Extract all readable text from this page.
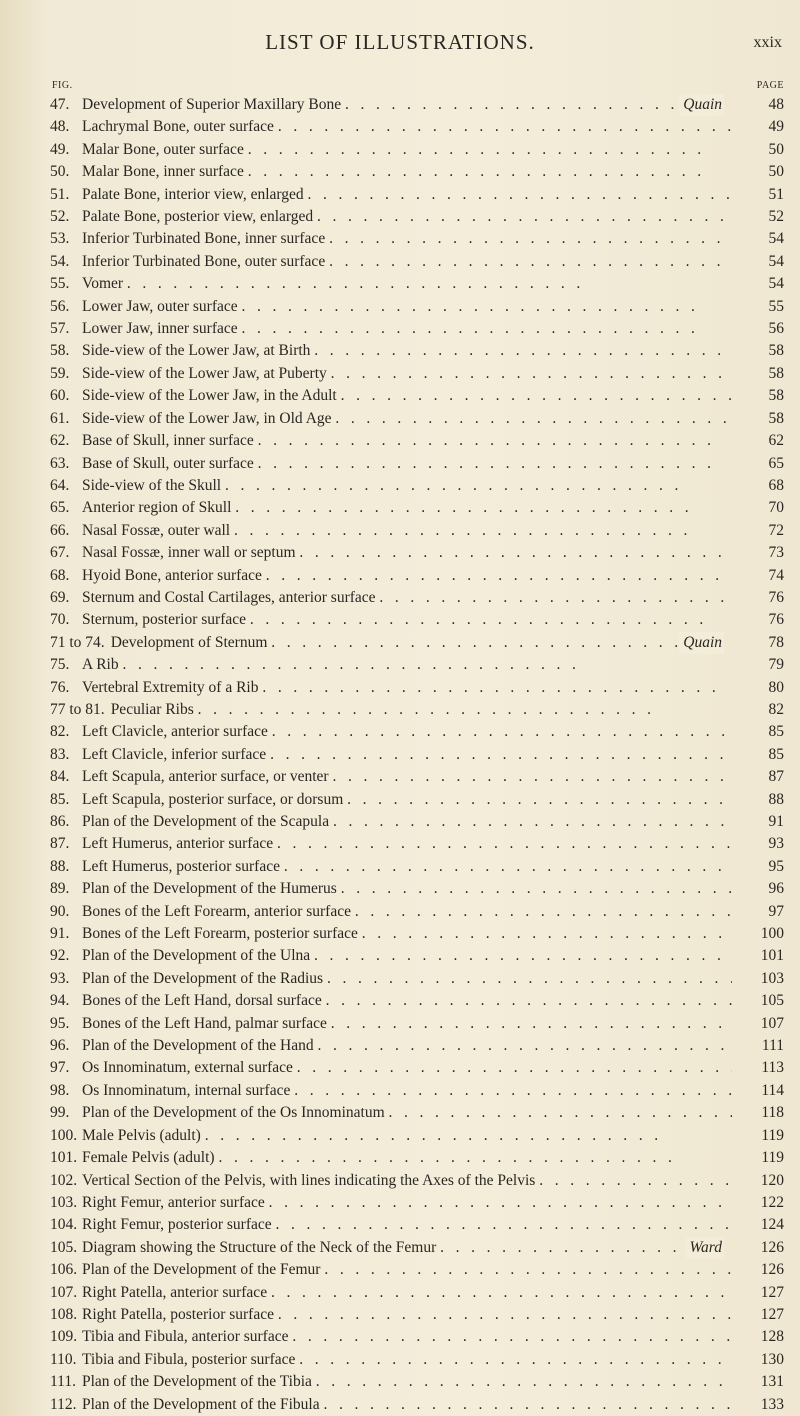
LIST OF ILLUSTRATIONS.	xxix
FIG.	PAGE
47. Development of Superior Maxillary Bone . .	Quain	48
48. Lachrymal Bone, outer surface . .	49
49. Malar Bone, outer surface . .	50
50. Malar Bone, inner surface . .	50
51. Palate Bone, interior view, enlarged . .	51
52. Palate Bone, posterior view, enlarged . .	52
53. Inferior Turbinated Bone, inner surface . .	54
54. Inferior Turbinated Bone, outer surface . .	54
55. Vomer . .	54
56. Lower Jaw, outer surface . .	55
57. Lower Jaw, inner surface . .	56
58. Side-view of the Lower Jaw, at Birth . .	58
59. Side-view of the Lower Jaw, at Puberty . .	58
60. Side-view of the Lower Jaw, in the Adult . .	58
61. Side-view of the Lower Jaw, in Old Age . .	58
62. Base of Skull, inner surface . .	62
63. Base of Skull, outer surface . .	65
64. Side-view of the Skull . .	68
65. Anterior region of Skull . .	70
66. Nasal Fossæ, outer wall . .	72
67. Nasal Fossæ, inner wall or septum . .	73
68. Hyoid Bone, anterior surface . .	74
69. Sternum and Costal Cartilages, anterior surface . .	76
70. Sternum, posterior surface . .	76
71 to 74. Development of Sternum . .	Quain	78
75. A Rib . .	79
76. Vertebral Extremity of a Rib . .	80
77 to 81. Peculiar Ribs . .	82
82. Left Clavicle, anterior surface . .	85
83. Left Clavicle, inferior surface . .	85
84. Left Scapula, anterior surface, or venter . .	87
85. Left Scapula, posterior surface, or dorsum . .	88
86. Plan of the Development of the Scapula . .	91
87. Left Humerus, anterior surface . .	93
88. Left Humerus, posterior surface . .	95
89. Plan of the Development of the Humerus . .	96
90. Bones of the Left Forearm, anterior surface . .	97
91. Bones of the Left Forearm, posterior surface . .	100
92. Plan of the Development of the Ulna . .	101
93. Plan of the Development of the Radius . .	103
94. Bones of the Left Hand, dorsal surface . .	105
95. Bones of the Left Hand, palmar surface . .	107
96. Plan of the Development of the Hand . .	111
97. Os Innominatum, external surface . .	113
98. Os Innominatum, internal surface . .	114
99. Plan of the Development of the Os Innominatum . .	118
100. Male Pelvis (adult) . .	119
101. Female Pelvis (adult) . .	119
102. Vertical Section of the Pelvis, with lines indicating the Axes of the Pelvis . .	120
103. Right Femur, anterior surface . .	122
104. Right Femur, posterior surface . .	124
105. Diagram showing the Structure of the Neck of the Femur . .	Ward	126
106. Plan of the Development of the Femur . .	126
107. Right Patella, anterior surface . .	127
108. Right Patella, posterior surface . .	127
109. Tibia and Fibula, anterior surface . .	128
110. Tibia and Fibula, posterior surface . .	130
111. Plan of the Development of the Tibia . .	131
112. Plan of the Development of the Fibula . .	133
